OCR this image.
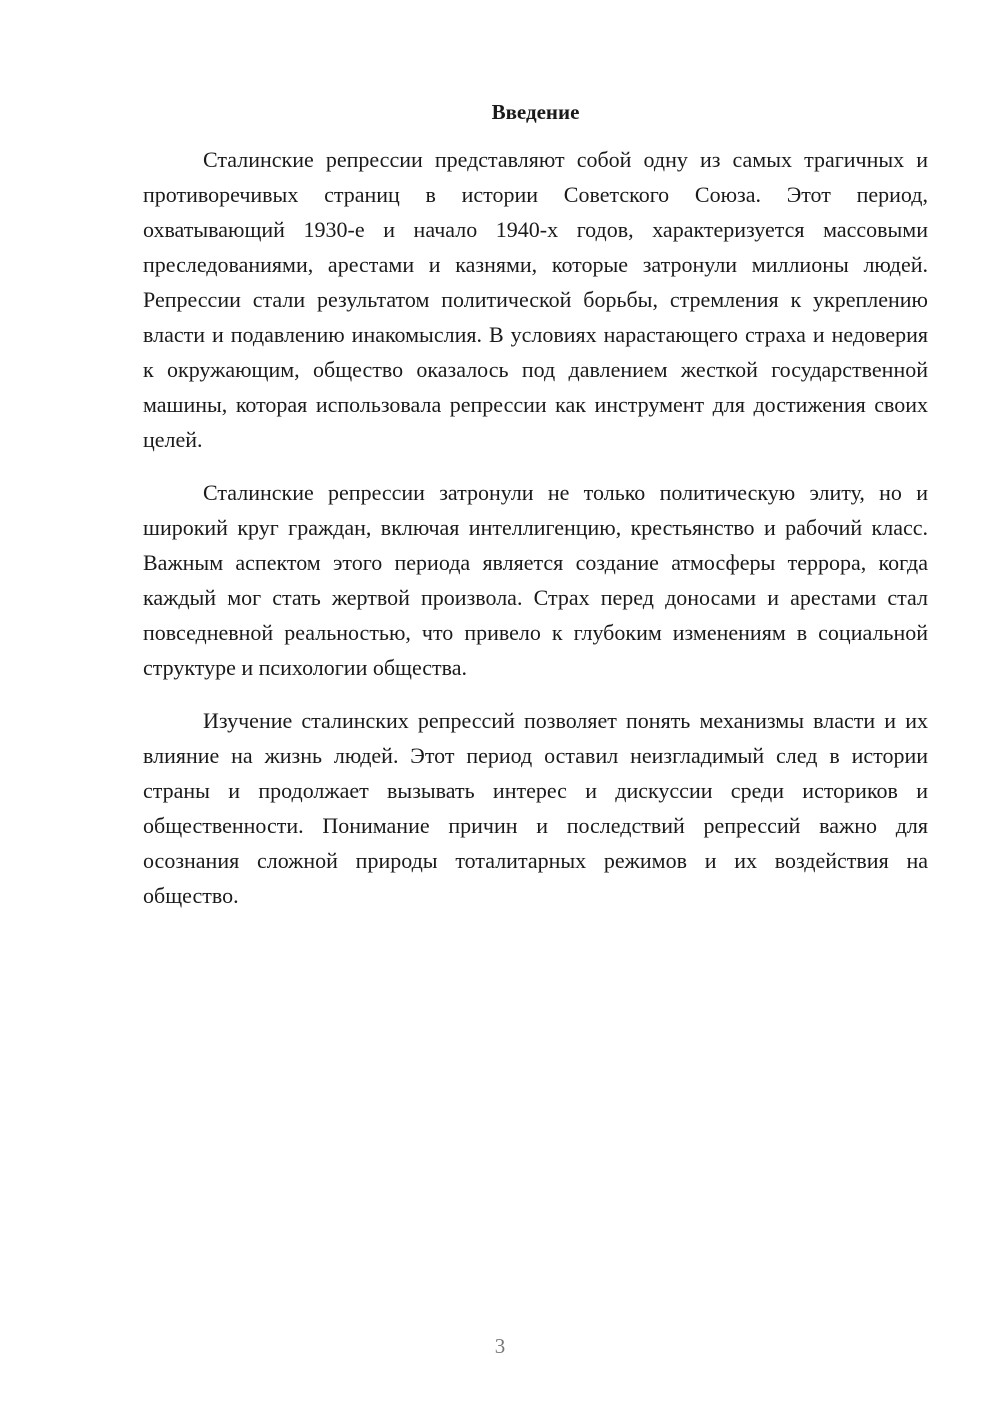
Введение

Сталинские репрессии представляют собой одну из самых трагичных и противоречивых страниц в истории Советского Союза. Этот период, охватывающий 1930-е и начало 1940-х годов, характеризуется массовыми преследованиями, арестами и казнями, которые затронули миллионы людей. Репрессии стали результатом политической борьбы, стремления к укреплению власти и подавлению инакомыслия. В условиях нарастающего страха и недоверия к окружающим, общество оказалось под давлением жесткой государственной машины, которая использовала репрессии как инструмент для достижения своих целей.

Сталинские репрессии затронули не только политическую элиту, но и широкий круг граждан, включая интеллигенцию, крестьянство и рабочий класс. Важным аспектом этого периода является создание атмосферы террора, когда каждый мог стать жертвой произвола. Страх перед доносами и арестами стал повседневной реальностью, что привело к глубоким изменениям в социальной структуре и психологии общества.

Изучение сталинских репрессий позволяет понять механизмы власти и их влияние на жизнь людей. Этот период оставил неизгладимый след в истории страны и продолжает вызывать интерес и дискуссии среди историков и общественности. Понимание причин и последствий репрессий важно для осознания сложной природы тоталитарных режимов и их воздействия на общество.

3
